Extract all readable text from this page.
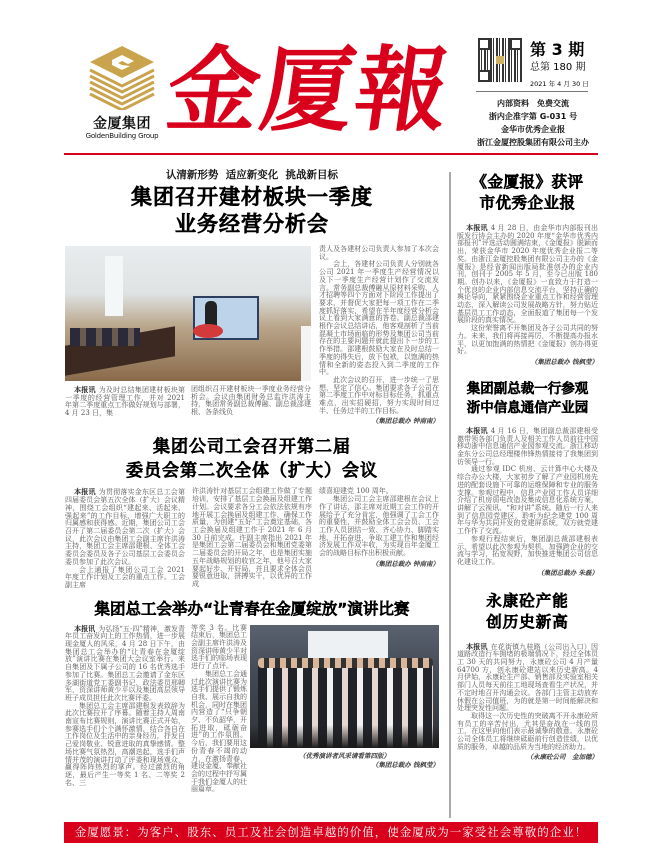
金厦集团
GoldenBuilding Group 金厦報	第 3 期
总第 180 期
2021 年 4 月 30 日
内部资料　免费交流
浙内企准字第 G-031 号
金华市优秀企业报
浙江金厦控股集团有限公司主办
认清新形势  适应新变化  挑战新目标
集团召开建材板块一季度
业务经营分析会

本报讯 为及时总结集团建材板块第一季度的经营管理工作，并对 2021 年第二季度重点工作做好规划与部署，4 月 23 日，集

团组织召开建材板块一季度业务经营分析会。会议由集团财务总监许洪涛主持，集团常务副总裁傅融、副总裁邵建根、各条线负

责人及各建材公司负责人参加了本次会议。

会上，各建材公司负责人分别就各公司 2021 年一季度生产经营情况以及下一季度生产经营计划作了交流发言。常务副总裁傅融从原材料采购、人才招聘等四个方面对下阶段工作提出了要求，并督促大家把每一项工作在二季度抓好落实，希望在半年度经营分析会议上看到大家满意的答卷。副总裁邵建根作会议总结讲话，他客观剖析了当前混凝土市场面临的形势及集团公司当前存在的主要问题并就此提出下一步的工作举措。邵建根鼓励大家在及时总结一季度的得失后，放下包袱，以饱满的热情和全新的姿态投入到二季度的工作中。

此次会议的召开，进一步统一了思想，坚定了信心。集团要求各子公司在第二季度工作中对标目标任务，抓重点难点，出实招硬招，努力实现时间过半、任务过半的工作目标。

（集团总裁办 钟南南）
集团公司工会召开第二届
委员会第二次全体（扩大）会议

本报讯 为贯彻落实金东区总工会第四届委员会第五次全体（扩大）会议精神，围绕工会组织“建起来、活起来、强起来”的工作目标，增强广大职工的归属感和获得感。近期，集团公司工会召开了第二届委员会第二次（扩大）会议，此次会议由集团工会副主席许洪涛主持，集团工会主席邵建根、全体工会委员会委员及各子公司基层工会委员会委员参加了此次会议。

会上通报了集团公司工会 2021 年度工作计划及工会的重点工作。工会副主席

许洪涛针对基层工会组建工作做了专题培训，安排了基层工会换届及组建工作计划。会议要求各分工会依法依规有序地开展工会换届及组建工作，确保工作质量，为创建“五好”工会奠定基础，各工会换届及组建工作于 2021 年 6 月 30 日前完成。许副主席指出 2021 年是集团工会第二届委员会和集团党委第二届委员会的开局之年，也是集团实施五年战略规划的收官之年，他号召大家要起好步、开好局，并且要求全体会员要锐意进取，拼搏实干，以优异的工作成

绩喜迎建党 100 周年。

集团公司工会主席邵建根在会议上作了讲话，邵主席对近期工会工作的开展给予了充分肯定，他强调了工会工作的重要性，并鼓励全体工会会员、工会工作人员团结一致、齐心协力、脚踏实地、开拓奋进，争取工建工作和集团经济发展工作双丰收，为实现百年金厦工会的战略目标作出积极贡献。

（集团总裁办 钟南南）
集团总工会举办“让青春在金厦绽放”演讲比赛

本报讯 为弘扬“五·四”精神，激发青年员工奋发向上的工作热情，进一步展现金厦人的风采，4 月 28 日下午，由集团总工会举办的“让青春在金厦绽放”演讲比赛在集团大会议室举行。来自集团及下属子公司的 16 名优秀选手参加了比赛。集团总工会邀请了金东区多湖街道党工委副书记、政法委员邢卿军，资深讲师黄少平以及集团高层领导班子成员担任此次比赛评委。

集团总工会主席邵建根发表致辞为此次比赛拉开了序幕。随着主持人周南南宣布比赛规则，演讲比赛正式开始，参赛选手们个个满怀激情，结合各自在工作岗位及生活中的亲身经历，抒发自己爱岗敬业、锐意进取的真挚感情。整场比赛气氛热烈，高潮迭起，选手们声情并茂的演讲打动了评委和现场观众，赢得阵阵热烈的掌声。经过激烈的角逐，最后产生一等奖 1 名、二等奖 2 名、三

等奖 3 名。比赛结束后，集团总工会副主席许洪涛及资深讲师黄少平对选手们的临场表现进行了点评。

集团总工会通过此次演讲比赛为选手们提供了锻炼自我、展示自我的机会，同时在集团内营造了“只争朝夕、不负韶华，开拓进取，砥砺奋进”的工作氛围。今后，我们要用这份青春不竭的动力，在激扬青春、建设金厦、奉献社会的过程中抒写属于我们金厦人的壮丽篇章。

（优秀演讲者风采请看第四版）
（集团总裁办 钱枫莹）
《金厦报》获评
市优秀企业报

本报讯 4 月 28 日，由金华市内部报刊出版发行协会主办的 2020 年度“金华市优秀内部报刊”评选活动圆满结束，《金厦报》脱颖而出，荣获金华市 2020 年度优秀企业报二等奖。由浙江金厦控股集团有限公司主办的《金厦报》是经省新闻出版局批准创办的企业内刊，创刊于 2005 年 5 月，至今已出版 180 期。创办以来，《金厦报》一直致力于打造一个优良的企业内部信息交流平台，坚持正确的舆论导向，紧紧围绕企业重点工作和经营管理动态，深入解读公司发展战略方针，努力贴近基层员工工作动态，全面报道了集团每一个发展阶段的真实情况。

这份荣誉离不开集团及各子公司共同的努力。未来，我们将再接再厉，不断提高办报水平，以更加饱满的热情把《金厦报》创办得更好。

（集团总裁办 钱枫莹）
集团副总裁一行参观
浙中信息通信产业园

本报讯 4 月 16 日，集团副总裁邵建根受邀带领各部门负责人及相关工作人员前往中国移动浙中信息通信产业园参观交流。浙江移动金东分公司总经理楼伟锋热情接待了我集团到访领导一行。

通过参观 IDC 机房、云计算中心大楼及综合办公大楼，大家初步了解了产业园机房先进的配套设施下可靠的运维保障和专业的服务支撑。参观过程中，信息产业园工作人员详细介绍了机房弱电改造及集成信息化系统方案，讲解了云视讯、“和对讲”系统。随后一行人来到了信息园党建区，聆听为纪念建党 100 周年与华为共同开发的党建屏系统，双方就党建工作作了交流。

参观行程结束后，集团副总裁邵建根表示，希望以此次参观为契机，加强跨企业的交流与学习，拓宽视野，加快推进集团公司信息化建设工作。

（集团总裁办 朱磊）
永康砼产能
创历史新高

本报讯 在花街镇九桂路（公司出入口）因道路改造行车拥堵的极端情况下，经过全体员工 30 天的共同努力，永康砼公司 4 月产量 64700 方，创永康砼建站以来历史新高。4 月伊始，永康砼生产部、销售部及实验室相关部门人员每天前往工地现场查看生产状况，并不定时地召开沟通会议。各部门主管主动放弃休假在公司值班，为的就是第一时间能解决和处理突发性问题。

取得这一次历史性的突破离不开永康砼所有员工的辛苦付出，尤其是奋战在一线的员工，在这里向他们表示最诚挚的敬意。永康砼公司全体员工将继续砥砺前行创造佳绩，以优质的服务，卓越的品质为当地的经济助力。

（永康砼公司　金加德）
金厦愿景：为客户、股东、员工及社会创造卓越的价值，使金厦成为一家受社会尊敬的企业！
